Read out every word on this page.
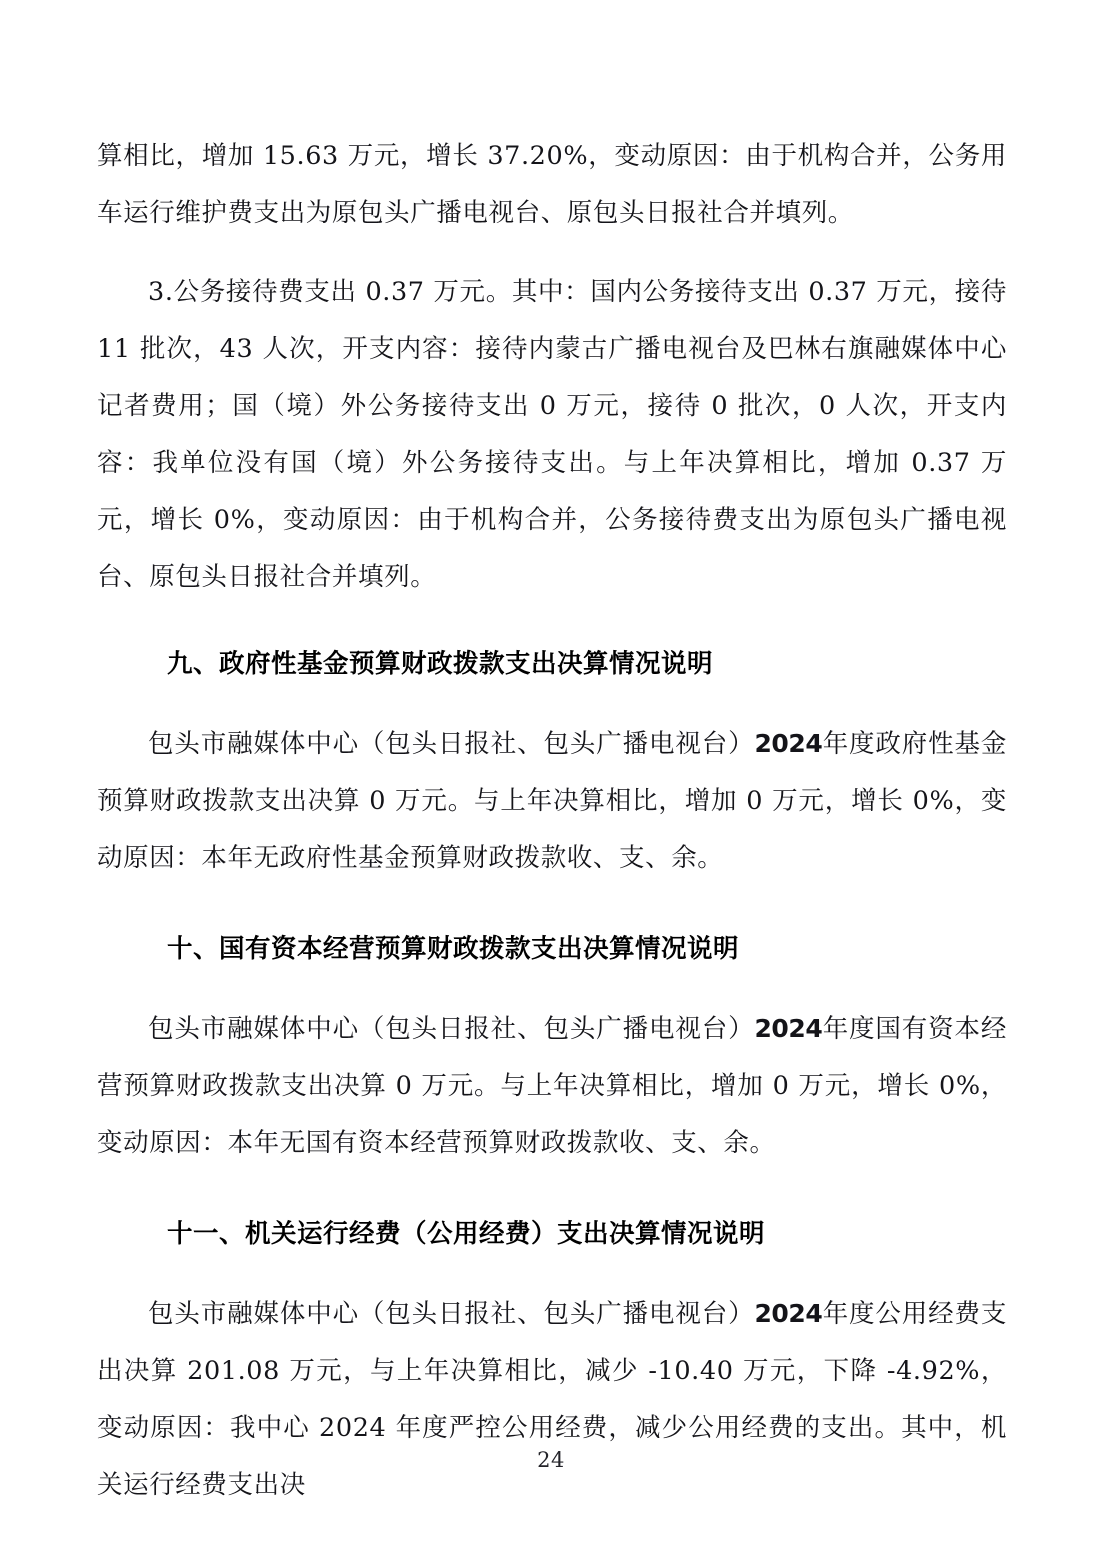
算相比，增加 15.63 万元，增长 37.20%，变动原因：由于机构合并，公务用车运行维护费支出为原包头广播电视台、原包头日报社合并填列。

3.公务接待费支出 0.37 万元。其中：国内公务接待支出 0.37 万元，接待 11 批次，43 人次，开支内容：接待内蒙古广播电视台及巴林右旗融媒体中心记者费用；国（境）外公务接待支出 0 万元，接待 0 批次，0 人次，开支内容：我单位没有国（境）外公务接待支出。与上年决算相比，增加 0.37 万元，增长 0%，变动原因：由于机构合并，公务接待费支出为原包头广播电视台、原包头日报社合并填列。

九、政府性基金预算财政拨款支出决算情况说明

包头市融媒体中心（包头日报社、包头广播电视台）2024年度政府性基金预算财政拨款支出决算 0 万元。与上年决算相比，增加 0 万元，增长 0%，变动原因：本年无政府性基金预算财政拨款收、支、余。

十、国有资本经营预算财政拨款支出决算情况说明

包头市融媒体中心（包头日报社、包头广播电视台）2024年度国有资本经营预算财政拨款支出决算 0 万元。与上年决算相比，增加 0 万元，增长 0%，变动原因：本年无国有资本经营预算财政拨款收、支、余。

十一、机关运行经费（公用经费）支出决算情况说明

包头市融媒体中心（包头日报社、包头广播电视台）2024年度公用经费支出决算 201.08 万元，与上年决算相比，减少 -10.40 万元，下降 -4.92%，变动原因：我中心 2024 年度严控公用经费，减少公用经费的支出。其中，机关运行经费支出决

24
